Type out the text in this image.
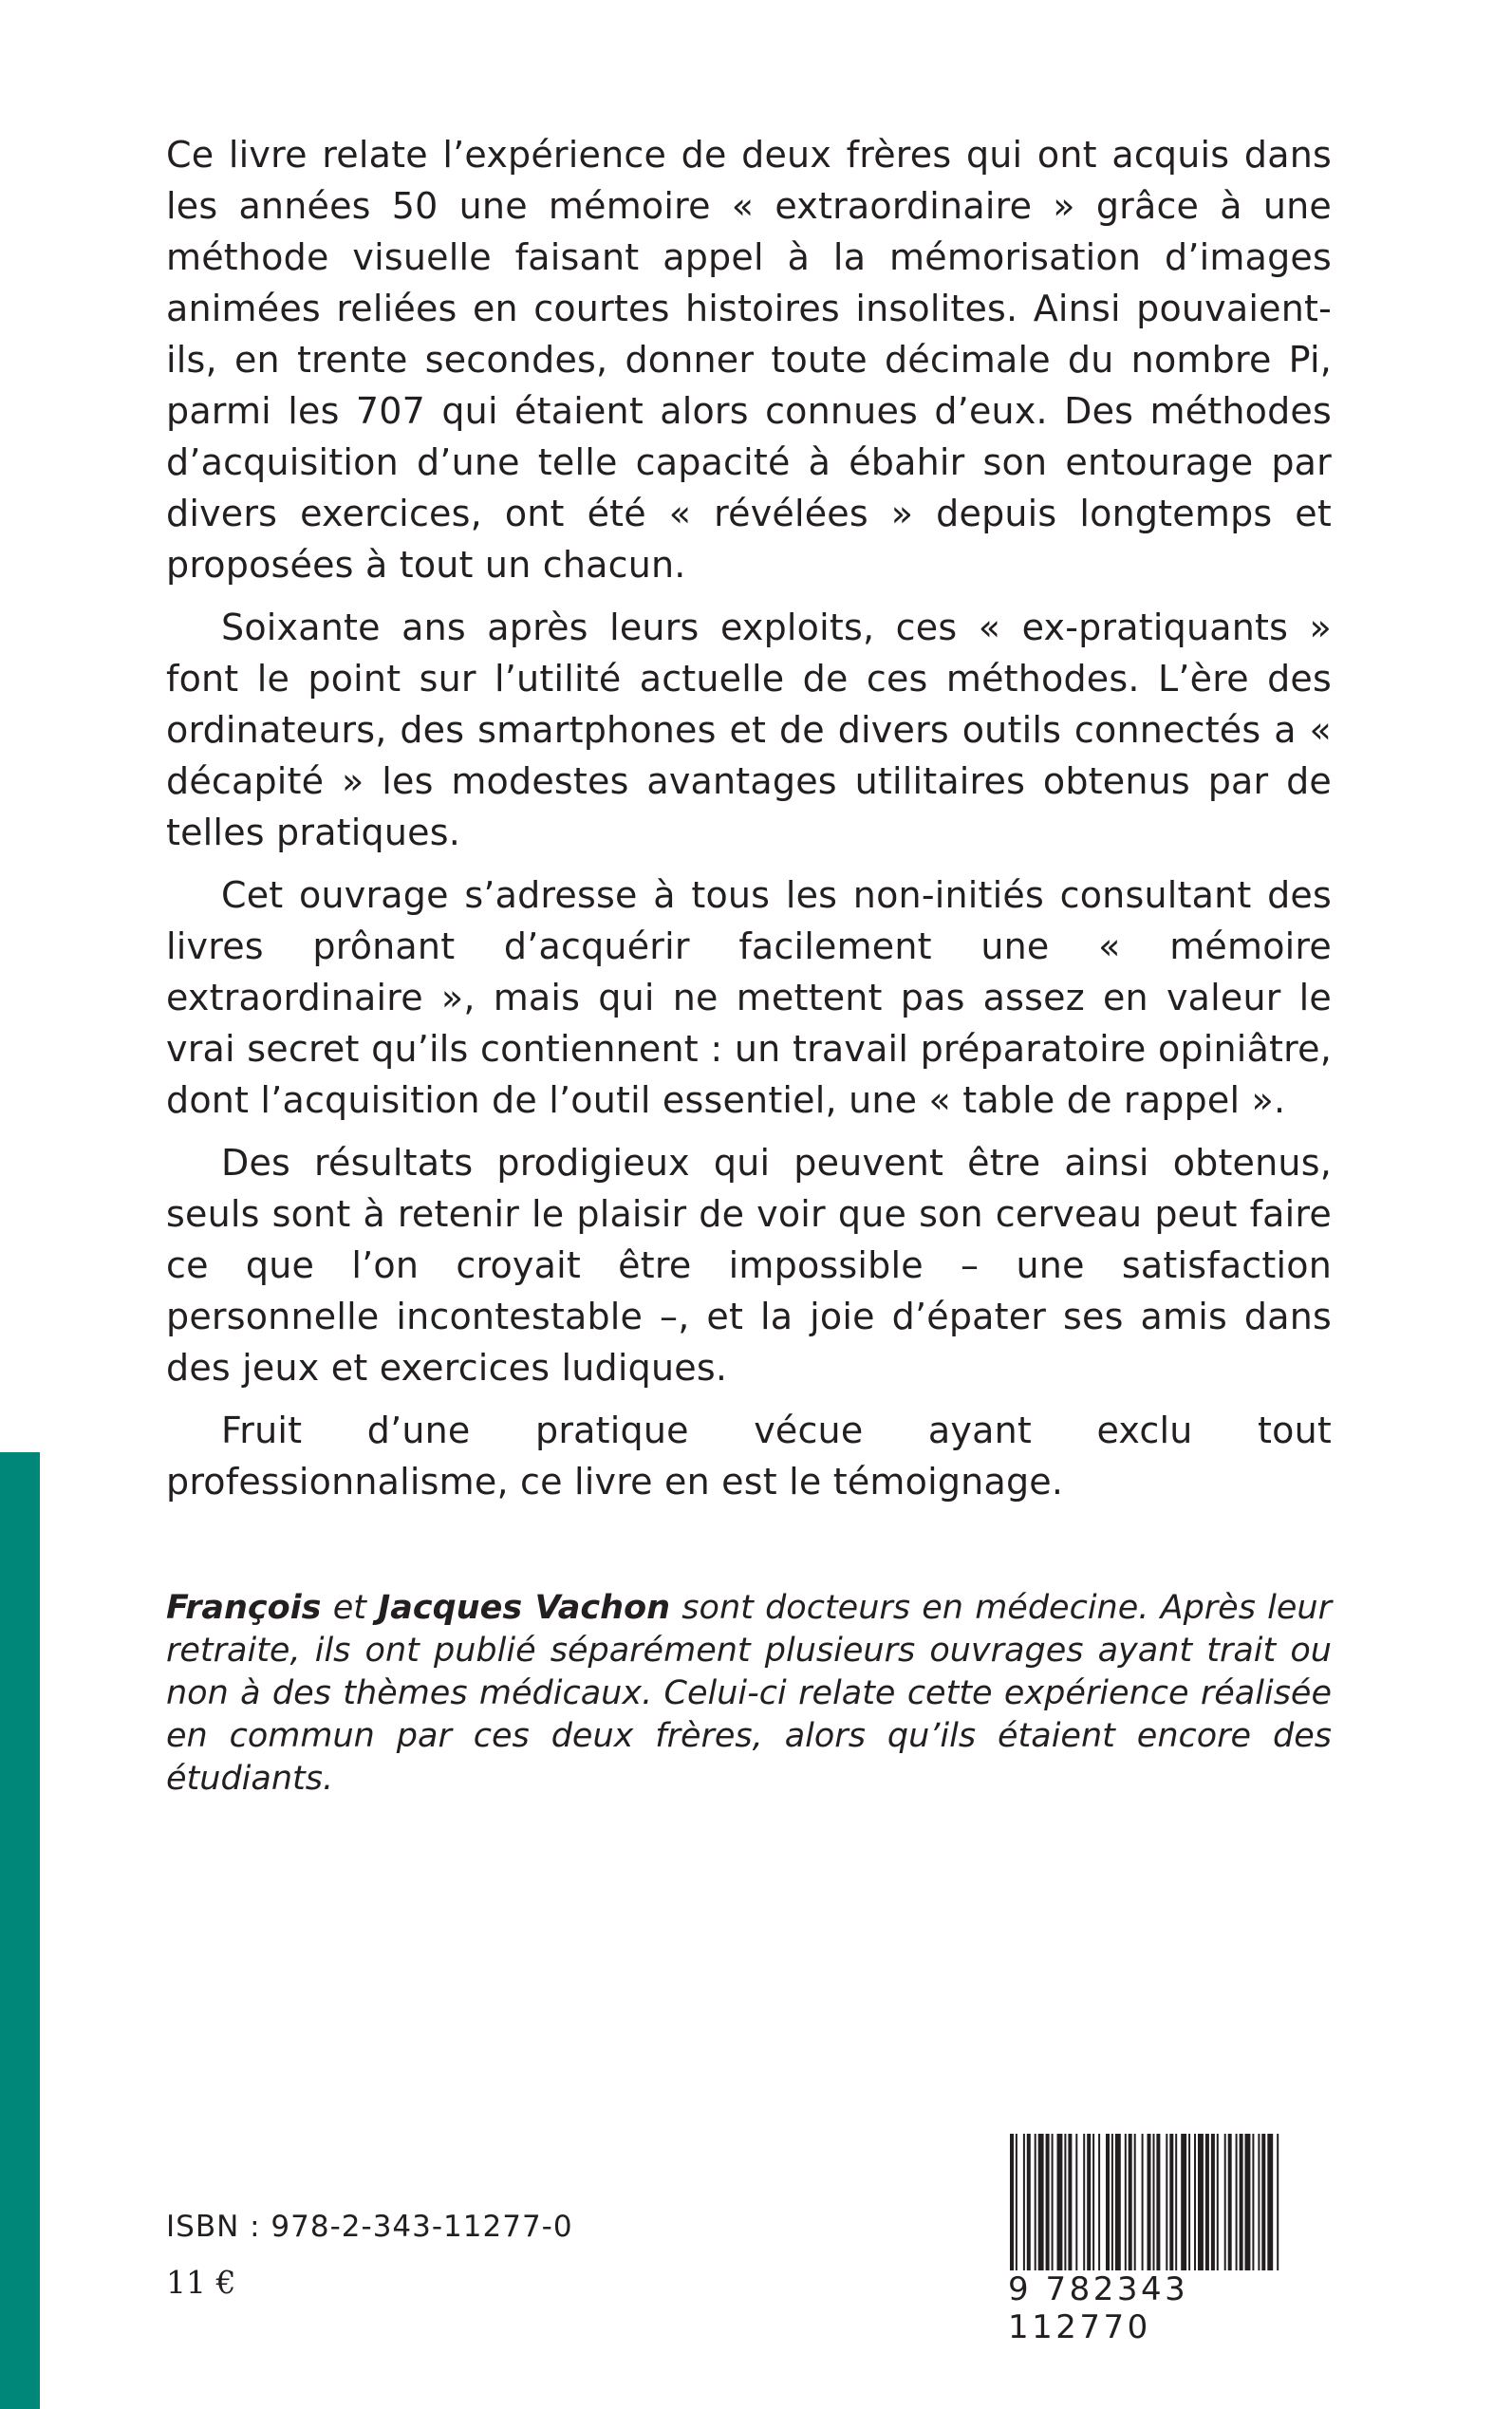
Ce livre relate l’expérience de deux frères qui ont acquis dans les années 50 une mémoire « extraordinaire » grâce à une méthode visuelle faisant appel à la mémorisation d’images animées reliées en courtes histoires insolites. Ainsi pouvaient-ils, en trente secondes, donner toute décimale du nombre Pi, parmi les 707 qui étaient alors connues d’eux. Des méthodes d’acquisition d’une telle capacité à ébahir son entourage par divers exercices, ont été « révélées » depuis longtemps et proposées à tout un chacun.

Soixante ans après leurs exploits, ces « ex-pratiquants » font le point sur l’utilité actuelle de ces méthodes. L’ère des ordinateurs, des smartphones et de divers outils connectés a « décapité » les modestes avantages utilitaires obtenus par de telles pratiques.

Cet ouvrage s’adresse à tous les non-initiés consultant des livres prônant d’acquérir facilement une « mémoire extraordinaire », mais qui ne mettent pas assez en valeur le vrai secret qu’ils contiennent : un travail préparatoire opiniâtre, dont l’acquisition de l’outil essentiel, une « table de rappel ».

Des résultats prodigieux qui peuvent être ainsi obtenus, seuls sont à retenir le plaisir de voir que son cerveau peut faire ce que l’on croyait être impossible – une satisfaction personnelle incontestable –, et la joie d’épater ses amis dans des jeux et exercices ludiques.

Fruit d’une pratique vécue ayant exclu tout professionnalisme, ce livre en est le témoignage.

François et Jacques Vachon sont docteurs en médecine. Après leur retraite, ils ont publié séparément plusieurs ouvrages ayant trait ou non à des thèmes médicaux. Celui-ci relate cette expérience réalisée en commun par ces deux frères, alors qu’ils étaient encore des étudiants.

ISBN : 978-2-343-11277-0
11 €	9 782343 112770
